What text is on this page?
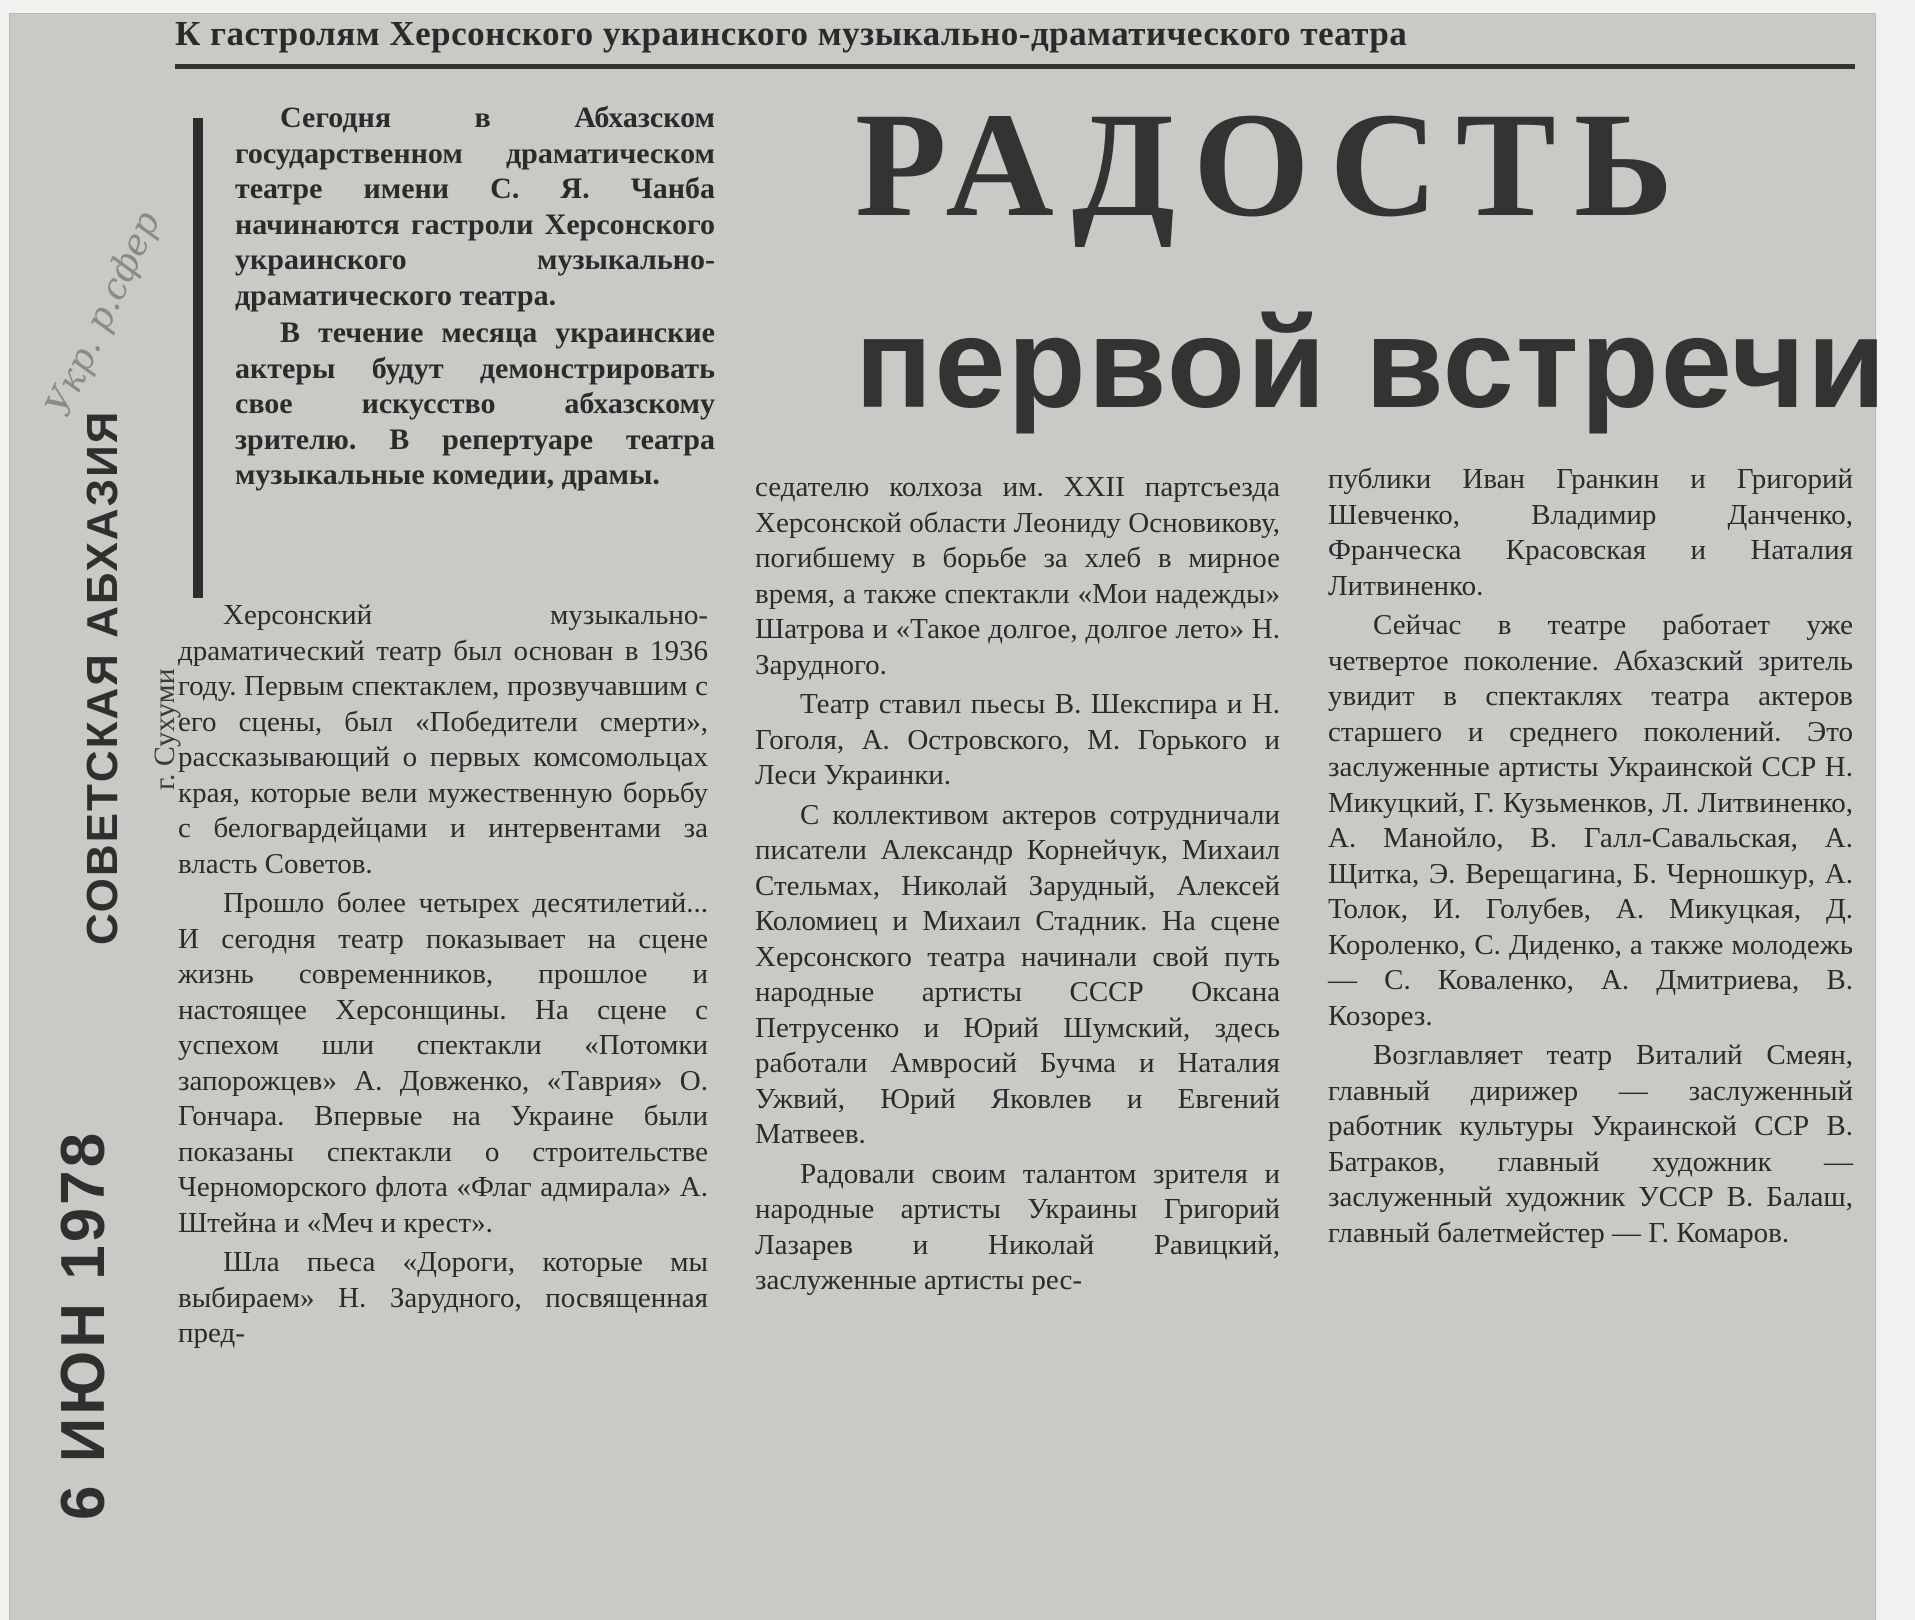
К гастролям Херсонского украинского музыкально-драматического театра
РАДОСТЬ
первой встречи

Сегодня в Абхазском государственном драматическом театре имени С. Я. Чанба начинаются гастроли Херсонского украинского музыкально-драматического театра.

В течение месяца украинские актеры будут демонстрировать свое искусство абхазскому зрителю. В репертуаре театра музыкальные комедии, драмы.

Херсонский музыкально-драматический театр был основан в 1936 году. Первым спектаклем, прозвучавшим с его сцены, был «Победители смерти», рассказывающий о первых комсомольцах края, которые вели мужественную борьбу с белогвардейцами и интервентами за власть Советов.

Прошло более четырех десятилетий... И сегодня театр показывает на сцене жизнь современников, прошлое и настоящее Херсонщины. На сцене с успехом шли спектакли «Потомки запорожцев» А. Довженко, «Таврия» О. Гончара. Впервые на Украине были показаны спектакли о строительстве Черноморского флота «Флаг адмирала» А. Штейна и «Меч и крест».

Шла пьеса «Дороги, которые мы выбираем» Н. Зарудного, посвященная пред-

седателю колхоза им. XXII партсъезда Херсонской области Леониду Основикову, погибшему в борьбе за хлеб в мирное время, а также спектакли «Мои надежды» Шатрова и «Такое долгое, долгое лето» Н. Зарудного.

Театр ставил пьесы В. Шекспира и Н. Гоголя, А. Островского, М. Горького и Леси Украинки.

С коллективом актеров сотрудничали писатели Александр Корнейчук, Михаил Стельмах, Николай Зарудный, Алексей Коломиец и Михаил Стадник. На сцене Херсонского театра начинали свой путь народные артисты СССР Оксана Петрусенко и Юрий Шумский, здесь работали Амвросий Бучма и Наталия Ужвий, Юрий Яковлев и Евгений Матвеев.

Радовали своим талантом зрителя и народные артисты Украины Григорий Лазарев и Николай Равицкий, заслуженные артисты рес-

публики Иван Гранкин и Григорий Шевченко, Владимир Данченко, Франческа Красовская и Наталия Литвиненко.

Сейчас в театре работает уже четвертое поколение. Абхазский зритель увидит в спектаклях театра актеров старшего и среднего поколений. Это заслуженные артисты Украинской ССР Н. Микуцкий, Г. Кузьменков, Л. Литвиненко, А. Манойло, В. Галл-Савальская, А. Щитка, Э. Верещагина, Б. Черношкур, А. Толок, И. Голубев, А. Микуцкая, Д. Короленко, С. Диденко, а также молодежь — С. Коваленко, А. Дмитриева, В. Козорез.

Возглавляет театр Виталий Смеян, главный дирижер — заслуженный работник культуры Украинской ССР В. Батраков, главный художник — заслуженный художник УССР В. Балаш, главный балетмейстер — Г. Комаров.

СОВЕТСКАЯ АБХАЗИЯ г. Сухуми
6 ИЮН 1978
Укр. р.сфер
